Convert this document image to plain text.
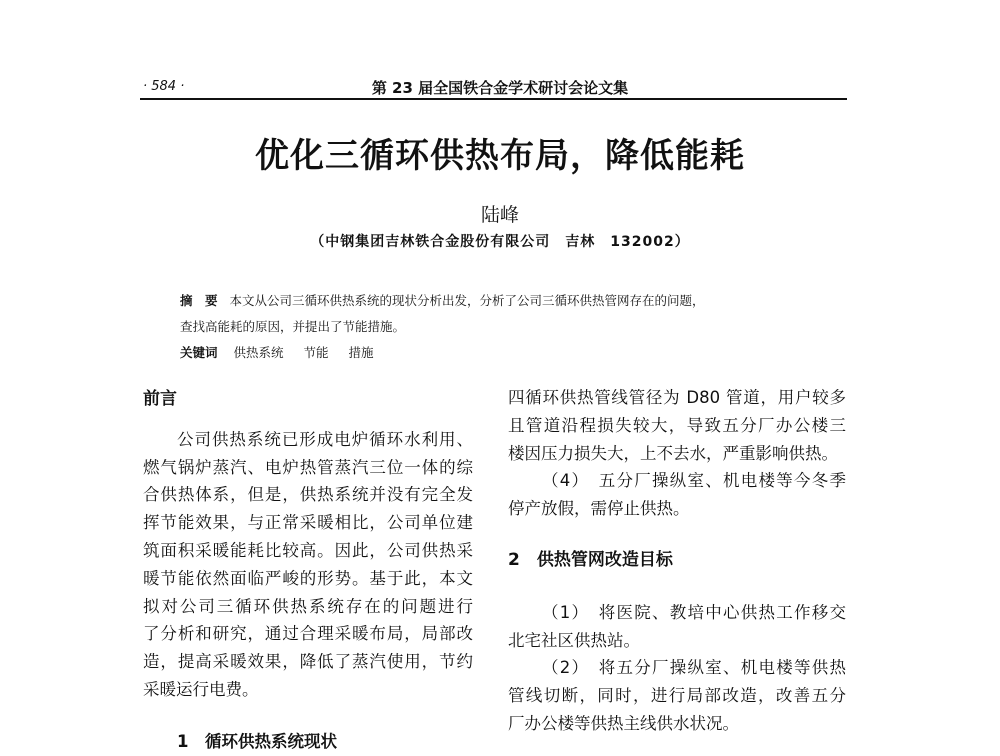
· 584 ·	第 23 届全国铁合金学术研讨会论文集
优化三循环供热布局，降低能耗
陆峰
（中钢集团吉林铁合金股份有限公司　吉林　132002）
摘　要 本文从公司三循环供热系统的现状分析出发，分析了公司三循环供热管网存在的问题，
查找高能耗的原因，并提出了节能措施。
关键词 供热系统 节能 措施
前言
公司供热系统已形成电炉循环水利用、
燃气锅炉蒸汽、电炉热管蒸汽三位一体的综
合供热体系，但是，供热系统并没有完全发
挥节能效果，与正常采暖相比，公司单位建
筑面积采暖能耗比较高。因此，公司供热采
暖节能依然面临严峻的形势。基于此，本文
拟对公司三循环供热系统存在的问题进行
了分析和研究，通过合理采暖布局，局部改
造，提高采暖效果，降低了蒸汽使用，节约
采暖运行电费。
1　循环供热系统现状
四循环供热管线管径为 D80 管道，用户较多
且管道沿程损失较大，导致五分厂办公楼三
楼因压力损失大，上不去水，严重影响供热。
（4）　五分厂操纵室、机电楼等今冬季
停产放假，需停止供热。
2　供热管网改造目标
（1）　将医院、教培中心供热工作移交
北宅社区供热站。
（2）　将五分厂操纵室、机电楼等供热
管线切断，同时，进行局部改造，改善五分
厂办公楼等供热主线供水状况。
